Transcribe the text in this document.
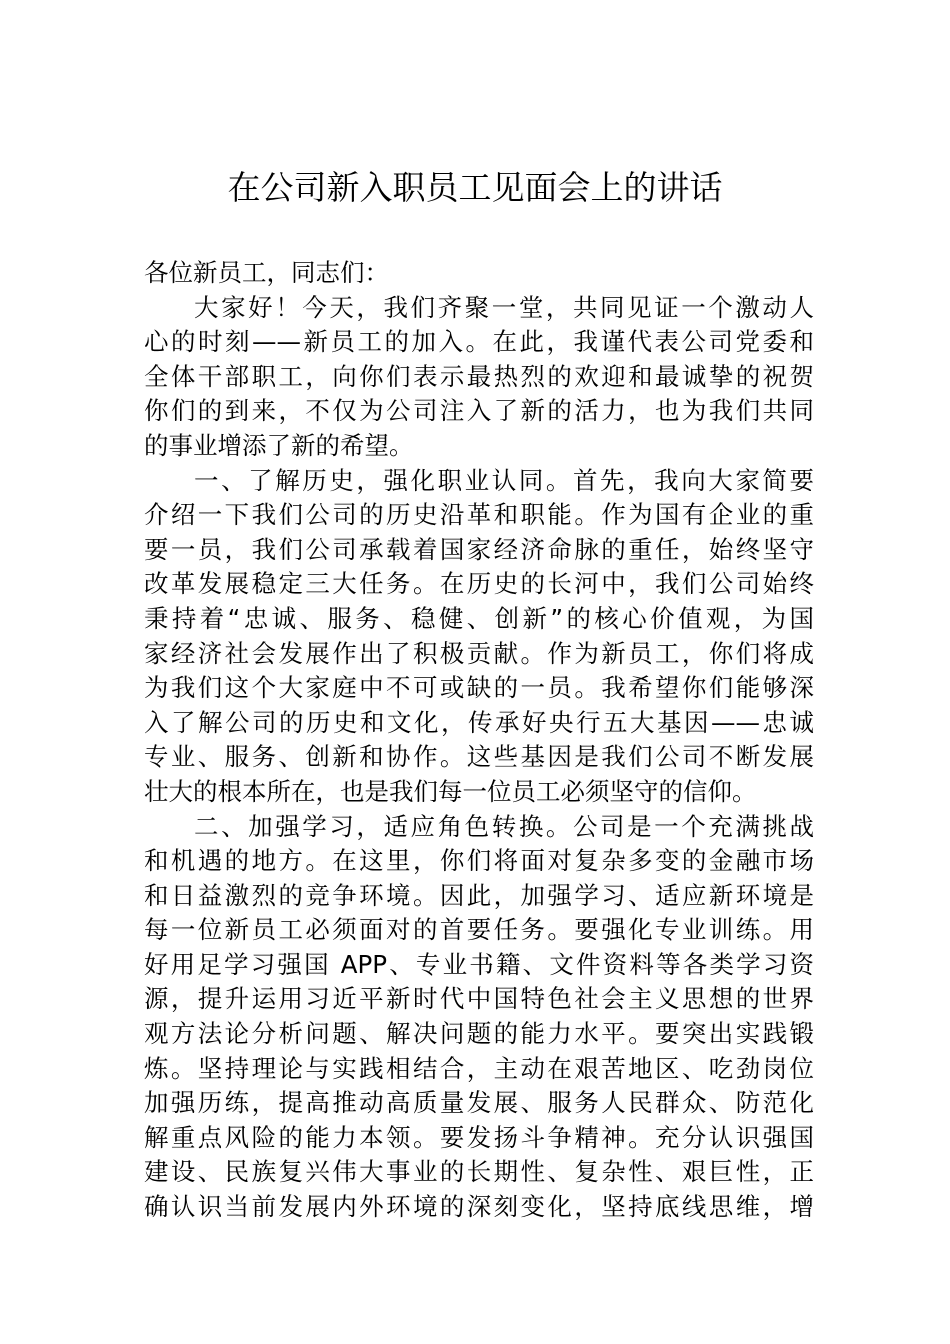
在公司新入职员工见面会上的讲话
各位新员工，同志们：
大家好！今天，我们齐聚一堂，共同见证一个激动人
心的时刻——新员工的加入。在此，我谨代表公司党委和
全体干部职工，向你们表示最热烈的欢迎和最诚挚的祝贺
你们的到来，不仅为公司注入了新的活力，也为我们共同
的事业增添了新的希望。
一、了解历史，强化职业认同。首先，我向大家简要
介绍一下我们公司的历史沿革和职能。作为国有企业的重
要一员，我们公司承载着国家经济命脉的重任，始终坚守
改革发展稳定三大任务。在历史的长河中，我们公司始终
秉持着“忠诚、服务、稳健、创新”的核心价值观，为国
家经济社会发展作出了积极贡献。作为新员工，你们将成
为我们这个大家庭中不可或缺的一员。我希望你们能够深
入了解公司的历史和文化，传承好央行五大基因——忠诚
专业、服务、创新和协作。这些基因是我们公司不断发展
壮大的根本所在，也是我们每一位员工必须坚守的信仰。
二、加强学习，适应角色转换。公司是一个充满挑战
和机遇的地方。在这里，你们将面对复杂多变的金融市场
和日益激烈的竞争环境。因此，加强学习、适应新环境是
每一位新员工必须面对的首要任务。要强化专业训练。用
好用足学习强国 APP、专业书籍、文件资料等各类学习资
源，提升运用习近平新时代中国特色社会主义思想的世界
观方法论分析问题、解决问题的能力水平。要突出实践锻
炼。坚持理论与实践相结合，主动在艰苦地区、吃劲岗位
加强历练，提高推动高质量发展、服务人民群众、防范化
解重点风险的能力本领。要发扬斗争精神。充分认识强国
建设、民族复兴伟大事业的长期性、复杂性、艰巨性，正
确认识当前发展内外环境的深刻变化，坚持底线思维，增
